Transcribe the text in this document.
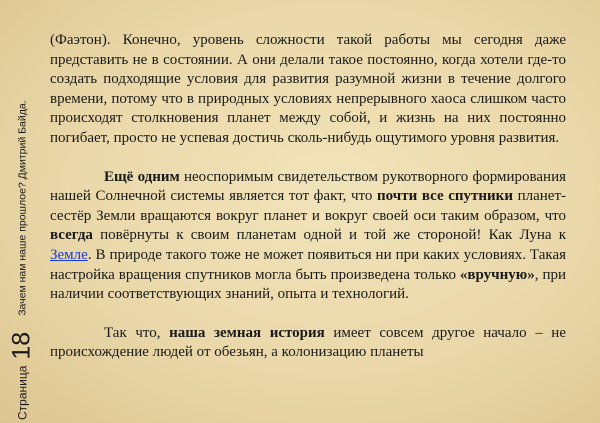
Страница
18
Зачем нам наше прошлое? Дмитрий Байда.

(Фаэтон). Конечно, уровень сложности такой работы мы сегодня даже представить не в состоянии. А они делали такое постоянно, когда хотели где-то создать подходящие условия для развития разумной жизни в течение долгого времени, потому что в природных условиях непрерывного хаоса слишком часто происходят столкновения планет между собой, и жизнь на них постоянно погибает, просто не успевая достичь сколь-нибудь ощутимого уровня развития.

Ещё одним неоспоримым свидетельством рукотворного формирования нашей Солнечной системы является тот факт, что почти все спутники планет-сестёр Земли вращаются вокруг планет и вокруг своей оси таким образом, что всегда повёрнуты к своим планетам одной и той же стороной! Как Луна к Земле. В природе такого тоже не может появиться ни при каких условиях. Такая настройка вращения спутников могла быть произведена только «вручную», при наличии соответствующих знаний, опыта и технологий.

Так что, наша земная история имеет совсем другое начало – не происхождение людей от обезьян, а колонизацию планеты
